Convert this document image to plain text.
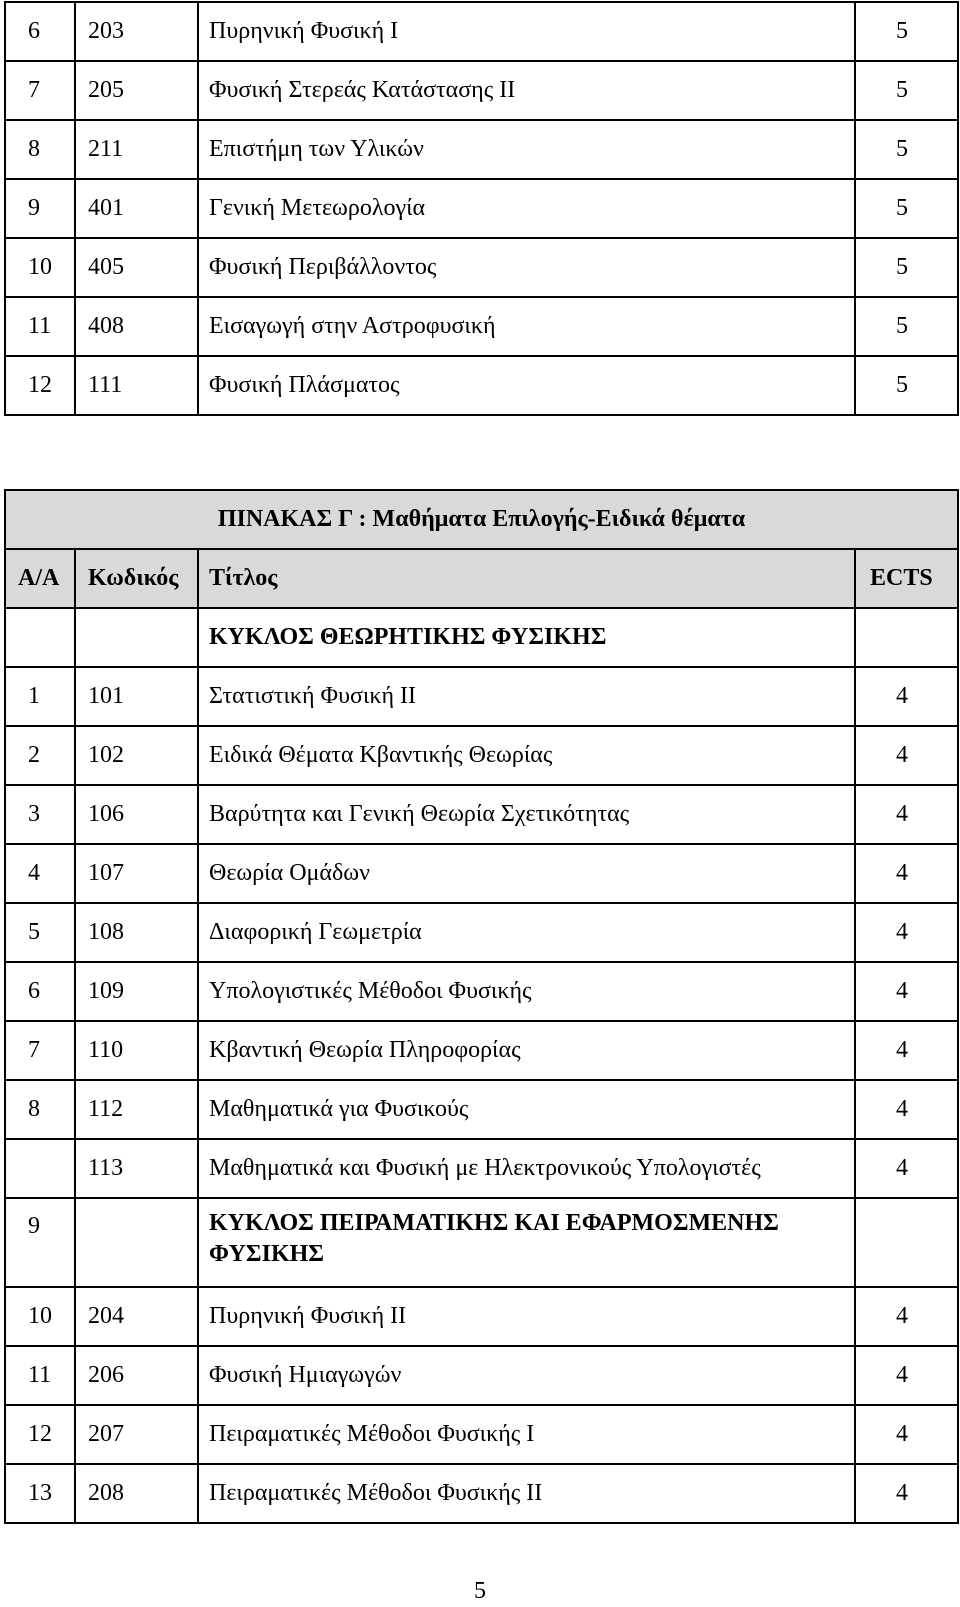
6	203	Πυρηνική Φυσική Ι	5
7	205	Φυσική Στερεάς Κατάστασης ΙΙ	5
8	211	Επιστήμη των Υλικών	5
9	401	Γενική Μετεωρολογία	5
10	405	Φυσική Περιβάλλοντος	5
11	408	Εισαγωγή στην Αστροφυσική	5
12	111	Φυσική Πλάσματος	5
ΠΙΝΑΚΑΣ Γ : Μαθήματα Επιλογής-Ειδικά θέματα			
Α/Α	Κωδικός	Τίτλος	ECTS
		ΚΥΚΛΟΣ ΘΕΩΡΗΤΙΚΗΣ ΦΥΣΙΚΗΣ	
1	101	Στατιστική Φυσική ΙΙ	4
2	102	Ειδικά Θέματα Κβαντικής Θεωρίας	4
3	106	Βαρύτητα και Γενική Θεωρία Σχετικότητας	4
4	107	Θεωρία Ομάδων	4
5	108	Διαφορική Γεωμετρία	4
6	109	Υπολογιστικές Μέθοδοι Φυσικής	4
7	110	Κβαντική Θεωρία Πληροφορίας	4
8	112	Μαθηματικά για Φυσικούς	4
	113	Μαθηματικά και Φυσική με Ηλεκτρονικούς Υπολογιστές	4
9		ΚΥΚΛΟΣ ΠΕΙΡΑΜΑΤΙΚΗΣ ΚΑΙ ΕΦΑΡΜΟΣΜΕΝΗΣ ΦΥΣΙΚΗΣ	
10	204	Πυρηνική Φυσική ΙΙ	4
11	206	Φυσική Ημιαγωγών	4
12	207	Πειραματικές Μέθοδοι Φυσικής Ι	4
13	208	Πειραματικές Μέθοδοι Φυσικής ΙΙ	4
5
